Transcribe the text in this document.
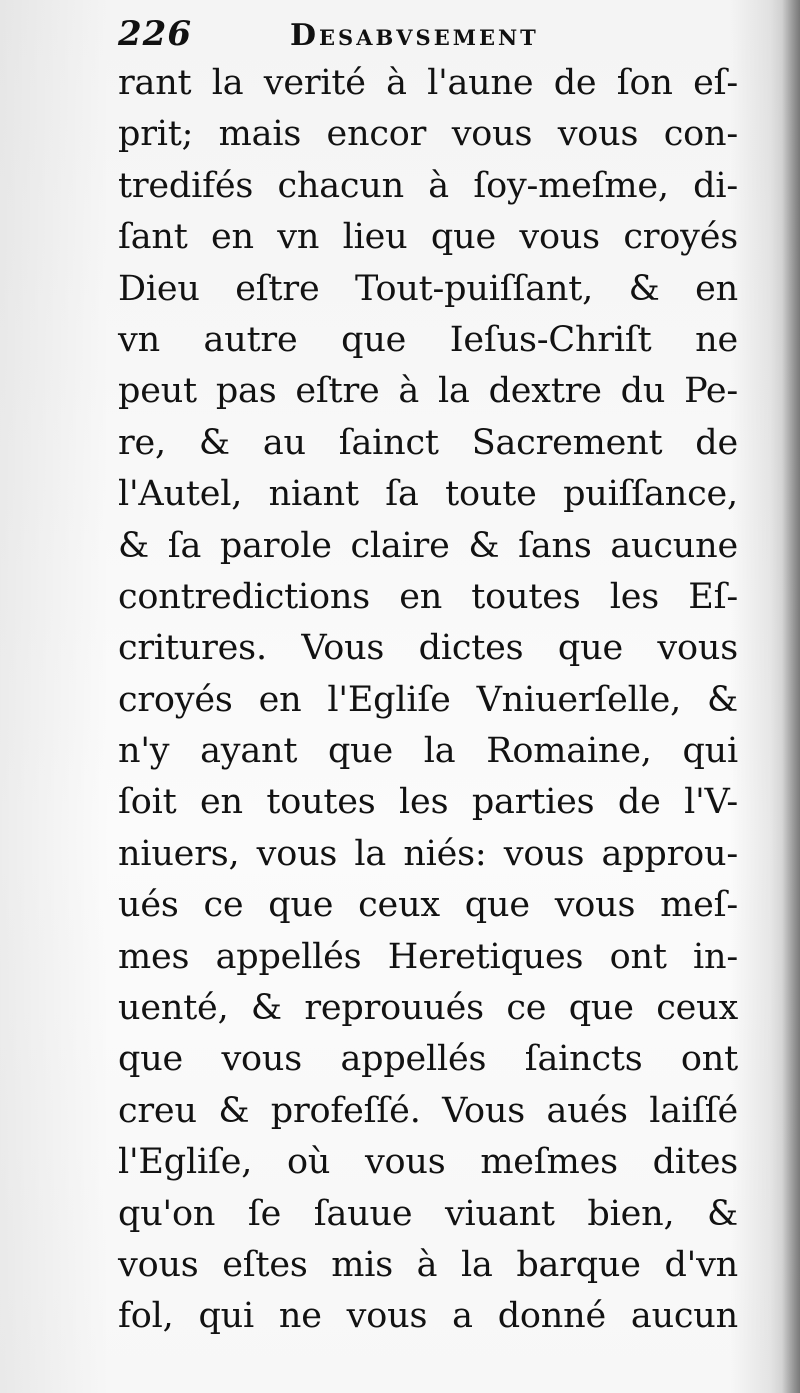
226	Desabvsement
rant la verité à l'aune de ſon eſ-
prit; mais encor vous vous con-
tredifés chacun à ſoy-meſme, di-
ſant en vn lieu que vous croyés
Dieu eſtre Tout-puiſſant, & en
vn autre que Ieſus-Chriſt ne
peut pas eſtre à la dextre du Pe-
re, & au ſainct Sacrement de
l'Autel, niant ſa toute puiſſance,
& ſa parole claire & ſans aucune
contredictions en toutes les Eſ-
critures. Vous dictes que vous
croyés en l'Egliſe Vniuerſelle, &
n'y ayant que la Romaine, qui
ſoit en toutes les parties de l'V-
niuers, vous la niés: vous approu-
ués ce que ceux que vous meſ-
mes appellés Heretiques ont in-
uenté, & reprouués ce que ceux
que vous appellés ſaincts ont
creu & profeſſé. Vous aués laiſſé
l'Egliſe, où vous meſmes dites
qu'on ſe ſauue viuant bien, &
vous eſtes mis à la barque d'vn
fol, qui ne vous a donné aucun
